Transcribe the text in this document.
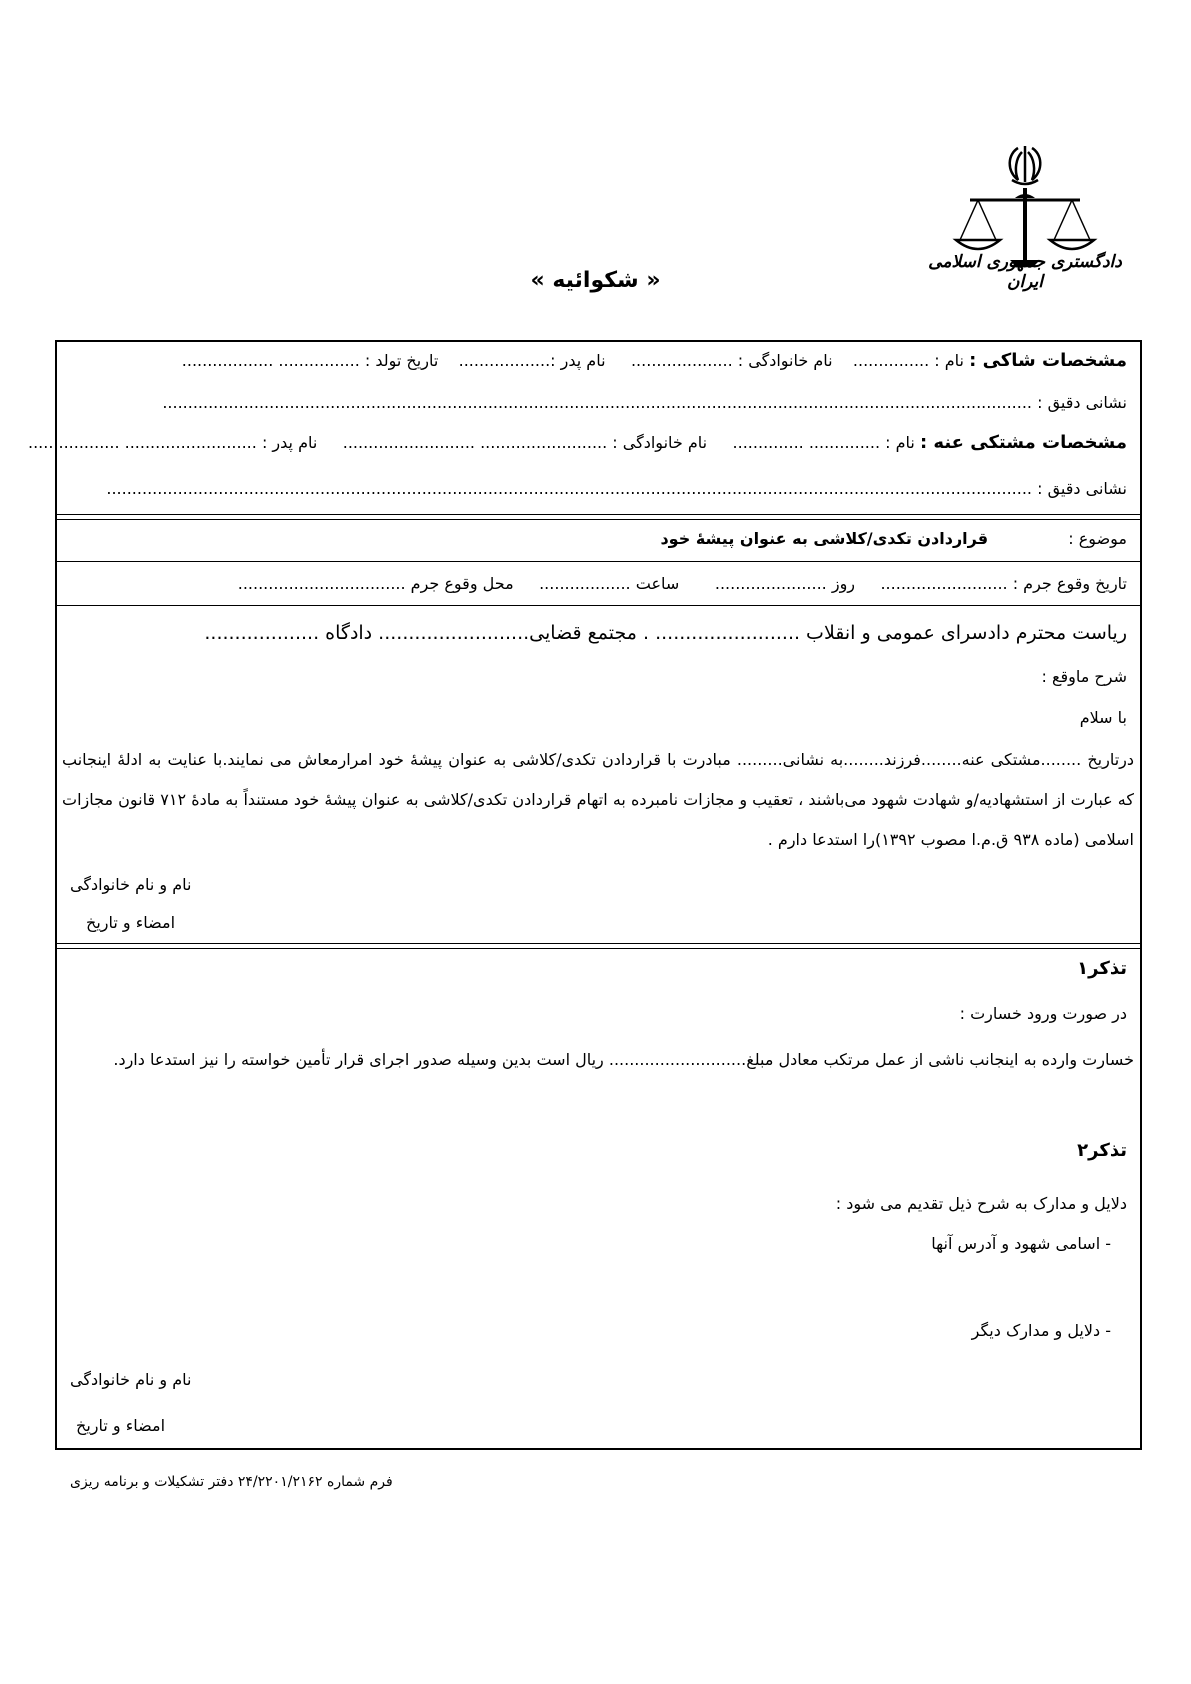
دادگستری جمهوری اسلامی ایران
« شکوائیه »
مشخصات شاکی : نام : ...............    نام خانوادگی : ....................     نام پدر :..................    تاریخ تولد : ................ ..................
نشانی دقیق : ...........................................................................................................................................................................
مشخصات مشتکی عنه : نام : .............. ..............     نام خانوادگی : ......................... ..........................     نام پدر : .......................... ..................
نشانی دقیق : ......................................................................................................................................................................................
موضوع :  قراردادن تکدی/کلاشی به عنوان پیشۀ خود
تاریخ وقوع جرم : .........................     روز ......................       ساعت ..................     محل وقوع جرم .................................
ریاست محترم دادسرای عمومی و انقلاب ........................ . مجتمع قضایی......................... دادگاه ...................
شرح ماوقع :
با سلام
درتاریخ ........مشتکی عنه........فرزند........به نشانی......... مبادرت با قراردادن تکدی/کلاشی به عنوان پیشۀ خود امرارمعاش می نمایند.با عنایت به ادلۀ اینجانب که عبارت از استشهادیه/و شهادت شهود می‌باشند ، تعقیب و مجازات نامبرده به اتهام قراردادن تکدی/کلاشی به عنوان پیشۀ خود مستنداً به مادۀ ۷۱۲ قانون مجازات اسلامی (ماده ۹۳۸ ق.م.ا مصوب ۱۳۹۲)را استدعا دارم .
نام و نام خانوادگی
امضاء و تاریخ
تذکر۱
در صورت ورود خسارت :
خسارت وارده به اینجانب ناشی از عمل مرتکب معادل مبلغ........................... ریال است بدین وسیله صدور اجرای قرار تأمین خواسته را نیز استدعا دارد.
تذکر۲
دلایل و مدارک به شرح ذیل تقدیم می شود :
- اسامی شهود و آدرس آنها
- دلایل و مدارک دیگر
نام و نام خانوادگی
امضاء و تاریخ
فرم شماره ۲۴/۲۲۰۱/۲۱۶۲ دفتر تشکیلات و برنامه ریزی
